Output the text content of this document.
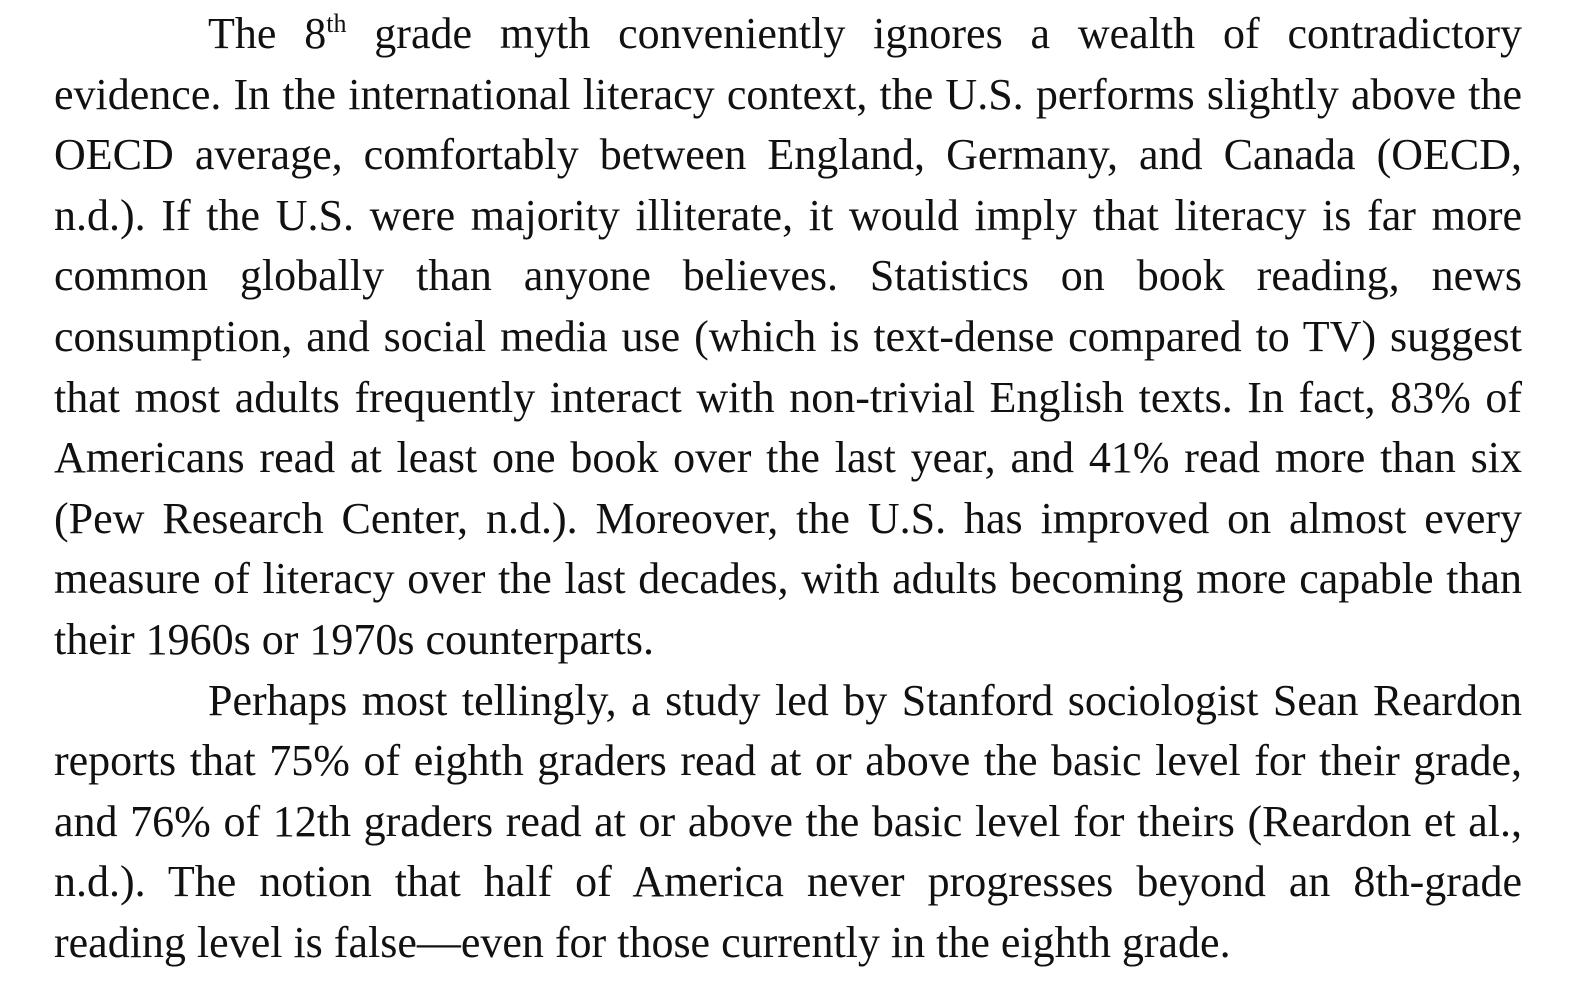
The 8th grade myth conveniently ignores a wealth of contradictory evidence. In the international literacy context, the U.S. performs slightly above the OECD average, comfortably between England, Germany, and Canada (OECD, n.d.). If the U.S. were majority illiterate, it would imply that literacy is far more common globally than anyone believes. Statistics on book reading, news consumption, and social media use (which is text-dense compared to TV) suggest that most adults frequently interact with non-trivial English texts. In fact, 83% of Americans read at least one book over the last year, and 41% read more than six (Pew Research Center, n.d.). Moreover, the U.S. has improved on almost every measure of literacy over the last decades, with adults becoming more capable than their 1960s or 1970s counterparts.

Perhaps most tellingly, a study led by Stanford sociologist Sean Reardon reports that 75% of eighth graders read at or above the basic level for their grade, and 76% of 12th graders read at or above the basic level for theirs (Reardon et al., n.d.). The notion that half of America never progresses beyond an 8th-grade reading level is false—even for those currently in the eighth grade.
